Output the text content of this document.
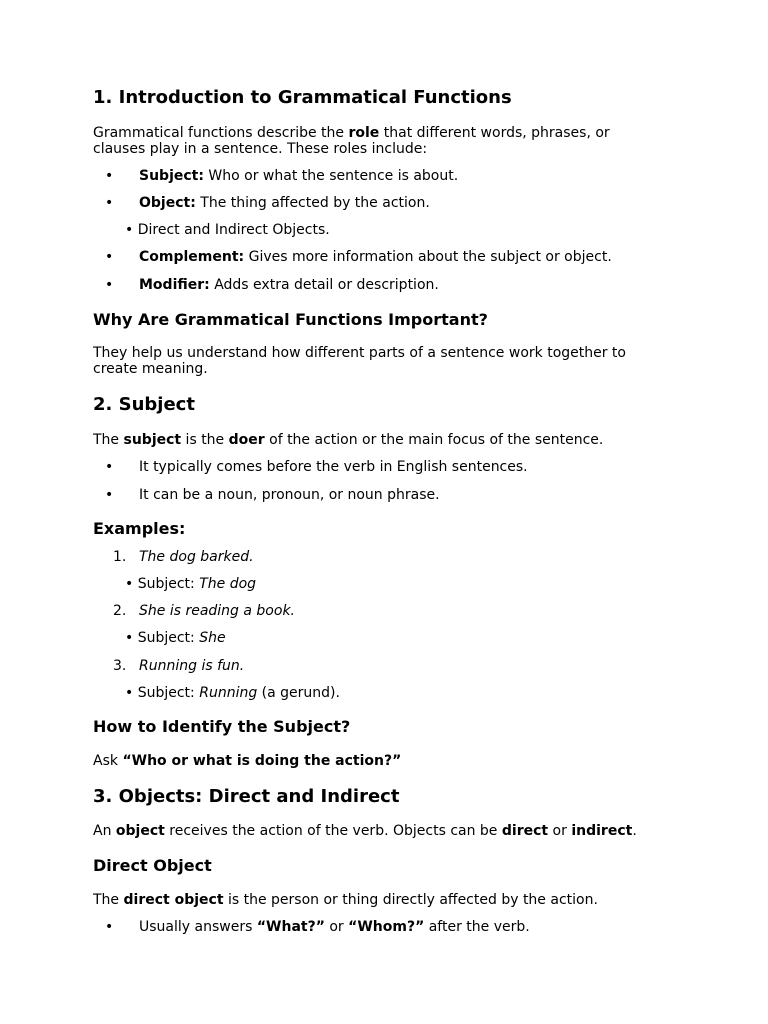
1. Introduction to Grammatical Functions
Grammatical functions describe the role that different words, phrases, or
clauses play in a sentence. These roles include:
• Subject: Who or what the sentence is about.
• Object: The thing affected by the action.
• Direct and Indirect Objects.
• Complement: Gives more information about the subject or object.
• Modifier: Adds extra detail or description.
Why Are Grammatical Functions Important?
They help us understand how different parts of a sentence work together to
create meaning.
2. Subject
The subject is the doer of the action or the main focus of the sentence.
• It typically comes before the verb in English sentences.
• It can be a noun, pronoun, or noun phrase.
Examples:
1. The dog barked.
• Subject: The dog
2. She is reading a book.
• Subject: She
3. Running is fun.
• Subject: Running (a gerund).
How to Identify the Subject?
Ask “Who or what is doing the action?”
3. Objects: Direct and Indirect
An object receives the action of the verb. Objects can be direct or indirect.
Direct Object
The direct object is the person or thing directly affected by the action.
• Usually answers “What?” or “Whom?” after the verb.
